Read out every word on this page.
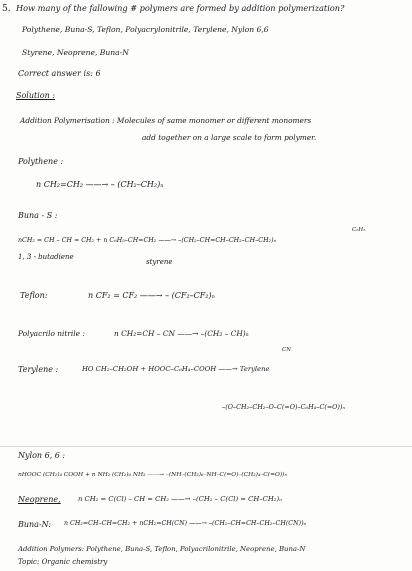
5. How many of the fallowing # polymers are formed by addition polymerization?
Polythene, Buna-S, Teflon, Polyacrylonitrile, Terylene, Nylon 6,6
Styrene, Neoprene, Buna-N
Correct answer is: 6
Solution :
Addition Polymerisation : Molecules of same monomer or different monomers
add together on a large scale to form polymer.
Polythene :
n CH₂=CH₂ ——→ – (CH₂–CH₂)ₙ
Buna - S :
C₆H₅
nCH₂ = CH – CH = CH₂ + n C₆H₅–CH=CH₂ ——→ –(CH₂–CH=CH–CH₂–CH–CH₂)ₙ
1, 3 - butadiene
styrene
Teflon:	n CF₂ = CF₂ ——→ – (CF₂–CF₂)ₙ
Polyacrilo nitrile :	n CH₂=CH – CN ——→ –(CH₂ – CH)ₙ
CN
Terylene :	HO CH₂–CH₂OH + HOOC–C₆H₄–COOH ——→ Terylene
–(O–CH₂–CH₂–O–C(=O)–C₆H₄–C(=O))ₙ
Nylon 6, 6 :
nHOOC (CH₂)₄ COOH + n NH₂ (CH₂)₆ NH₂ ——→ –(NH–(CH₂)₆–NH–C(=O)–(CH₂)₄–C(=O))ₙ
Neoprene,	n CH₂ = C(Cl) – CH = CH₂ ——→ –(CH₂ – C(Cl) = CH–CH₂)ₙ
Buna-N: n CH₂=CH–CH=CH₂ + nCH₂=CH(CN) ——→ –(CH₂–CH=CH–CH₂–CH(CN))ₙ
Addition Polymers: Polythene, Buna-S, Teflon, Polyacrilonitrile, Neoprene, Buna-N
Topic: Organic chemistry
